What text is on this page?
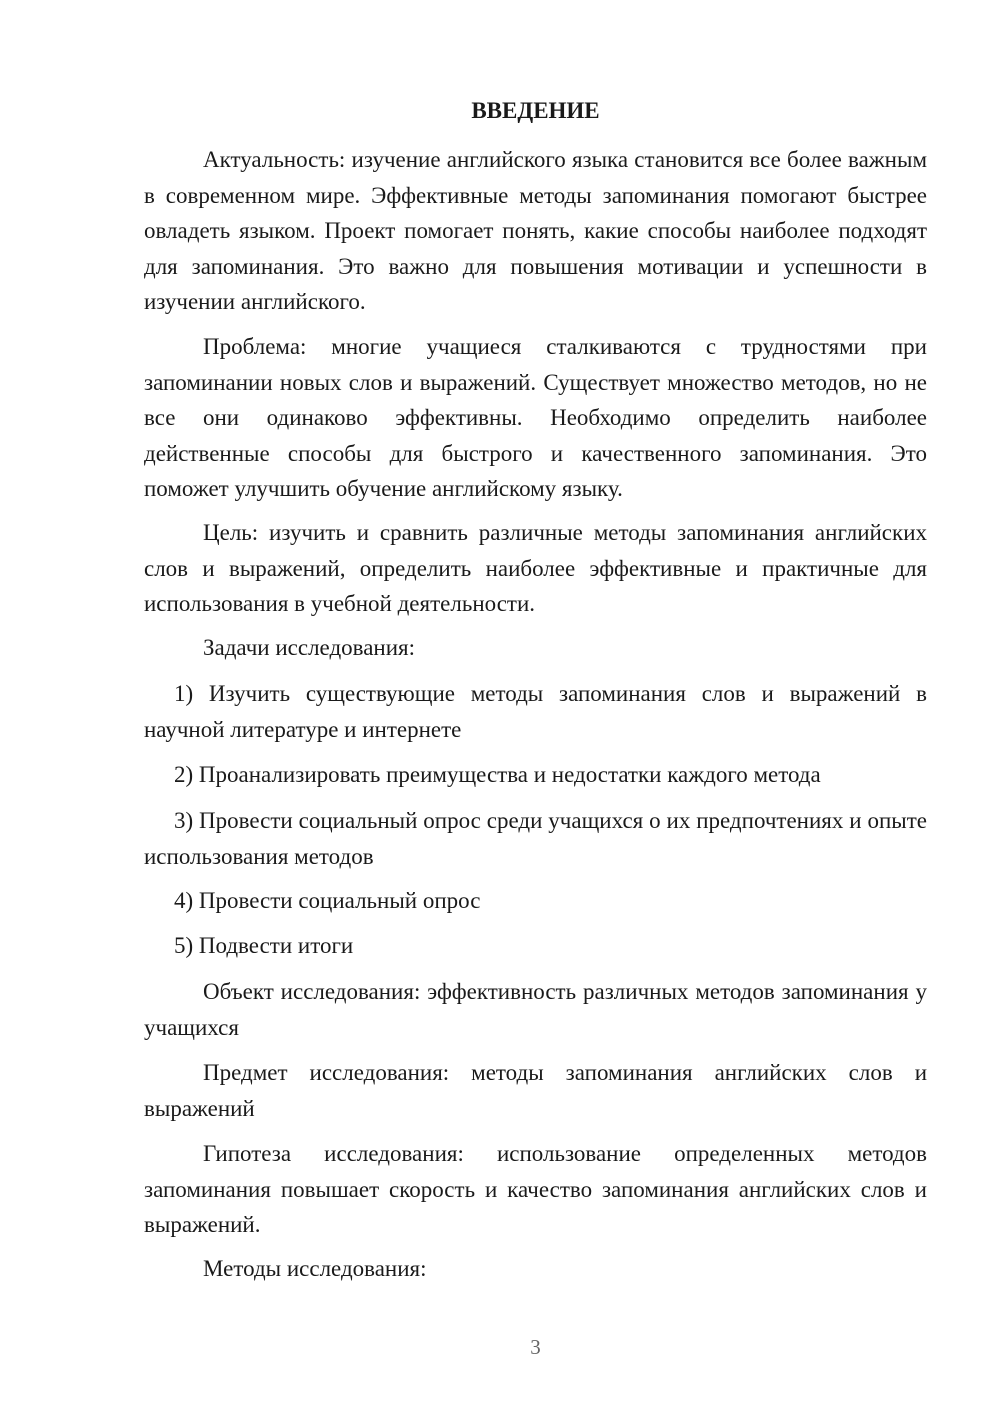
ВВЕДЕНИЕ

Актуальность: изучение английского языка становится все более важным в современном мире. Эффективные методы запоминания помогают быстрее овладеть языком. Проект помогает понять, какие способы наиболее подходят для запоминания. Это важно для повышения мотивации и успешности в изучении английского.

Проблема: многие учащиеся сталкиваются с трудностями при запоминании новых слов и выражений. Существует множество методов, но не все они одинаково эффективны. Необходимо определить наиболее действенные способы для быстрого и качественного запоминания. Это поможет улучшить обучение английскому языку.

Цель: изучить и сравнить различные методы запоминания английских слов и выражений, определить наиболее эффективные и практичные для использования в учебной деятельности.

Задачи исследования:

1) Изучить существующие методы запоминания слов и выражений в научной литературе и интернете

2) Проанализировать преимущества и недостатки каждого метода

3) Провести социальный опрос среди учащихся о их предпочтениях и опыте использования методов

4) Провести социальный опрос

5) Подвести итоги

Объект исследования: эффективность различных методов запоминания у учащихся

Предмет исследования: методы запоминания английских слов и выражений

Гипотеза исследования: использование определенных методов запоминания повышает скорость и качество запоминания английских слов и выражений.

Методы исследования:

3
